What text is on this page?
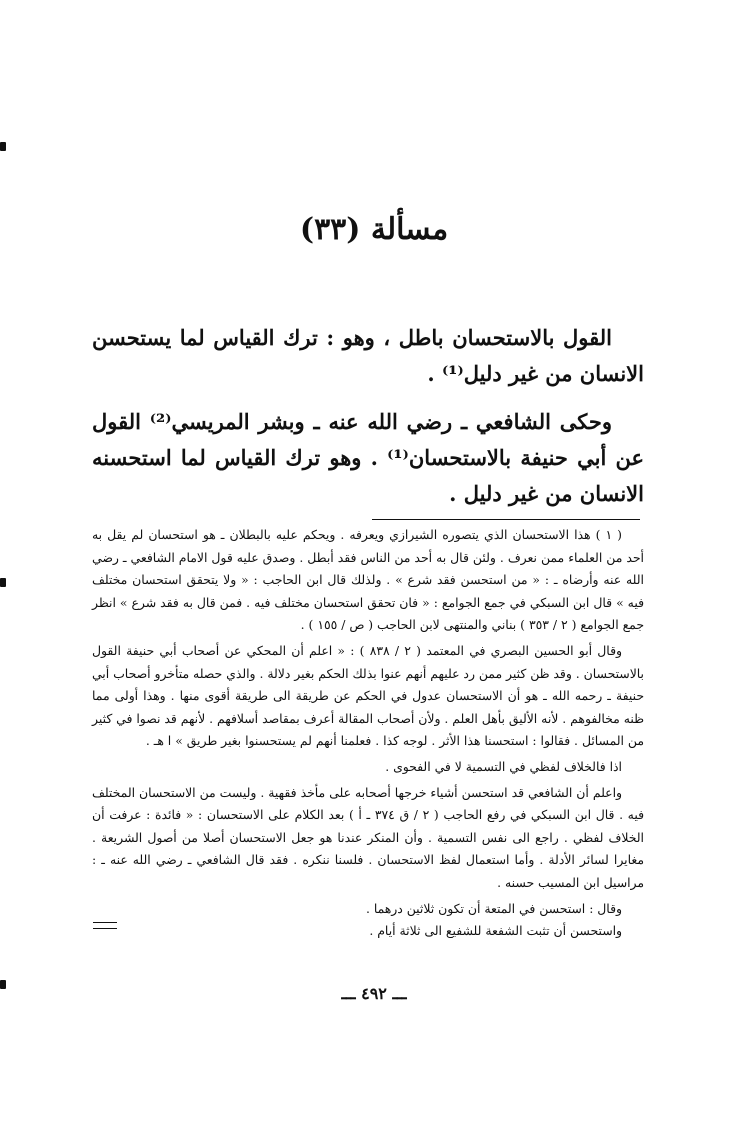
مسألة (٣٣)

القول بالاستحسان باطل ، وهو : ترك القياس لما يستحسن الانسان من غير دليل⁽¹⁾ .

وحكى الشافعي ـ رضي الله عنه ـ وبشر المريسي⁽²⁾ القول عن أبي حنيفة بالاستحسان⁽¹⁾ . وهو ترك القياس لما استحسنه الانسان من غير دليل .

( ١ ) هذا الاستحسان الذي يتصوره الشيرازي ويعرفه . ويحكم عليه بالبطلان ـ هو استحسان لم يقل به أحد من العلماء ممن نعرف . ولئن قال به أحد من الناس فقد أبطل . وصدق عليه قول الامام الشافعي ـ رضي الله عنه وأرضاه ـ : « من استحسن فقد شرع » . ولذلك قال ابن الحاجب : « ولا يتحقق استحسان مختلف فيه » قال ابن السبكي في جمع الجوامع : « فان تحقق استحسان مختلف فيه . فمن قال به فقد شرع » انظر جمع الجوامع ( ٢ / ٣٥٣ ) بناني والمنتهى لابن الحاجب ( ص / ١٥٥ ) .

وقال أبو الحسين البصري في المعتمد ( ٢ / ٨٣٨ ) : « اعلم أن المحكي عن أصحاب أبي حنيفة القول بالاستحسان . وقد ظن كثير ممن رد عليهم أنهم عنوا بذلك الحكم بغير دلالة . والذي حصله متأخرو أصحاب أبي حنيفة ـ رحمه الله ـ هو أن الاستحسان عدول في الحكم عن طريقة الى طريقة أقوى منها . وهذا أولى مما ظنه مخالفوهم . لأنه الأليق بأهل العلم . ولأن أصحاب المقالة أعرف بمقاصد أسلافهم . لأنهم قد نصوا في كثير من المسائل . فقالوا : استحسنا هذا الأثر . لوجه كذا . فعلمنا أنهم لم يستحسنوا بغير طريق » ا هـ .

اذا فالخلاف لفظي في التسمية لا في الفحوى .

واعلم أن الشافعي قد استحسن أشياء خرجها أصحابه على مأخذ فقهية . وليست من الاستحسان المختلف فيه . قال ابن السبكي في رفع الحاجب ( ٢ / ق ٣٧٤ ـ أ ) بعد الكلام على الاستحسان : « فائدة : عرفت أن الخلاف لفظي . راجع الى نفس التسمية . وأن المنكر عندنا هو جعل الاستحسان أصلا من أصول الشريعة . مغايرا لسائر الأدلة . وأما استعمال لفظ الاستحسان . فلسنا ننكره . فقد قال الشافعي ـ رضي الله عنه ـ : مراسيل ابن المسيب حسنه .

وقال : استحسن في المتعة أن تكون ثلاثين درهما .

واستحسن أن تثبت الشفعة للشفيع الى ثلاثة أيام .

ـــ ٤٩٢ ـــ
